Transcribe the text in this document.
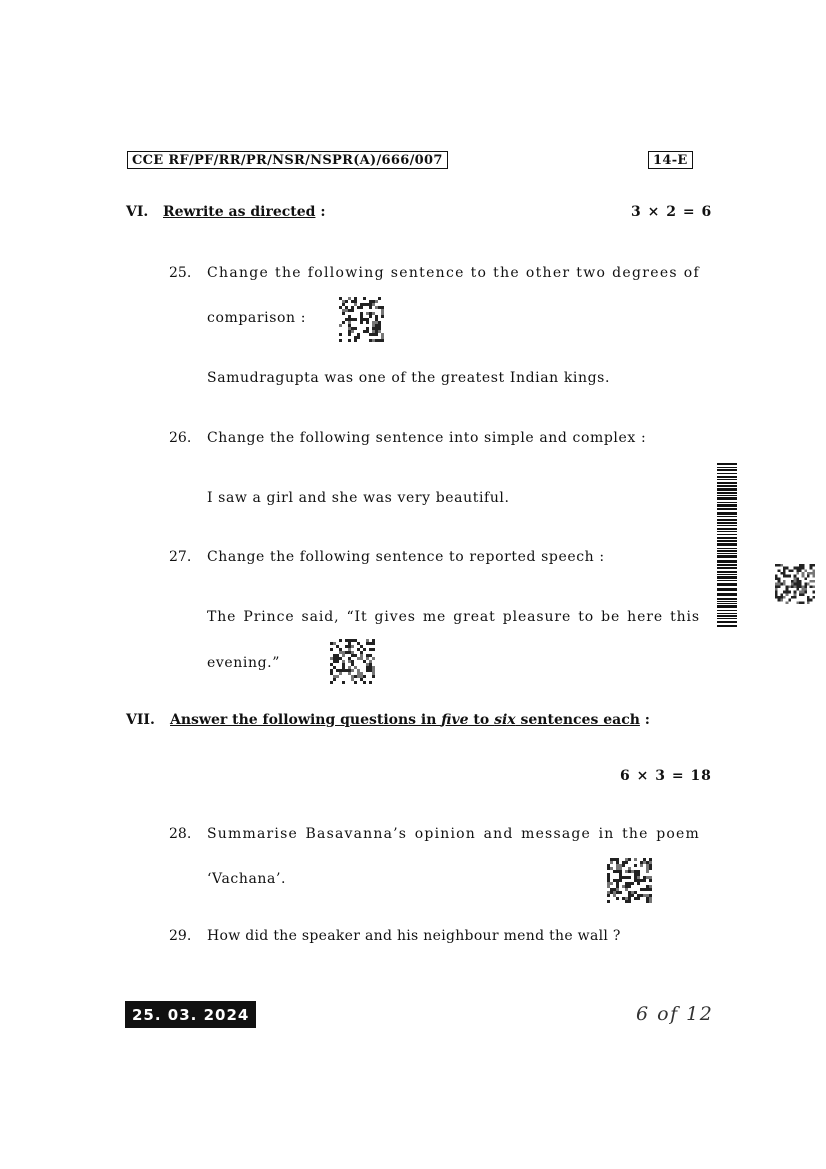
CCE RF/PF/RR/PR/NSR/NSPR(A)/666/007	14-E
VI. Rewrite as directed :	3 × 2 = 6
25. Change the following sentence to the other two degrees of
comparison :
Samudragupta was one of the greatest Indian kings.
26. Change the following sentence into simple and complex :
I saw a girl and she was very beautiful.
27. Change the following sentence to reported speech :
The Prince said, “It gives me great pleasure to be here this
evening.”
VII. Answer the following questions in five to six sentences each :
6 × 3 = 18
28. Summarise Basavanna’s opinion and message in the poem
‘Vachana’.
29. How did the speaker and his neighbour mend the wall ?
25. 03. 2024	6 of 12
